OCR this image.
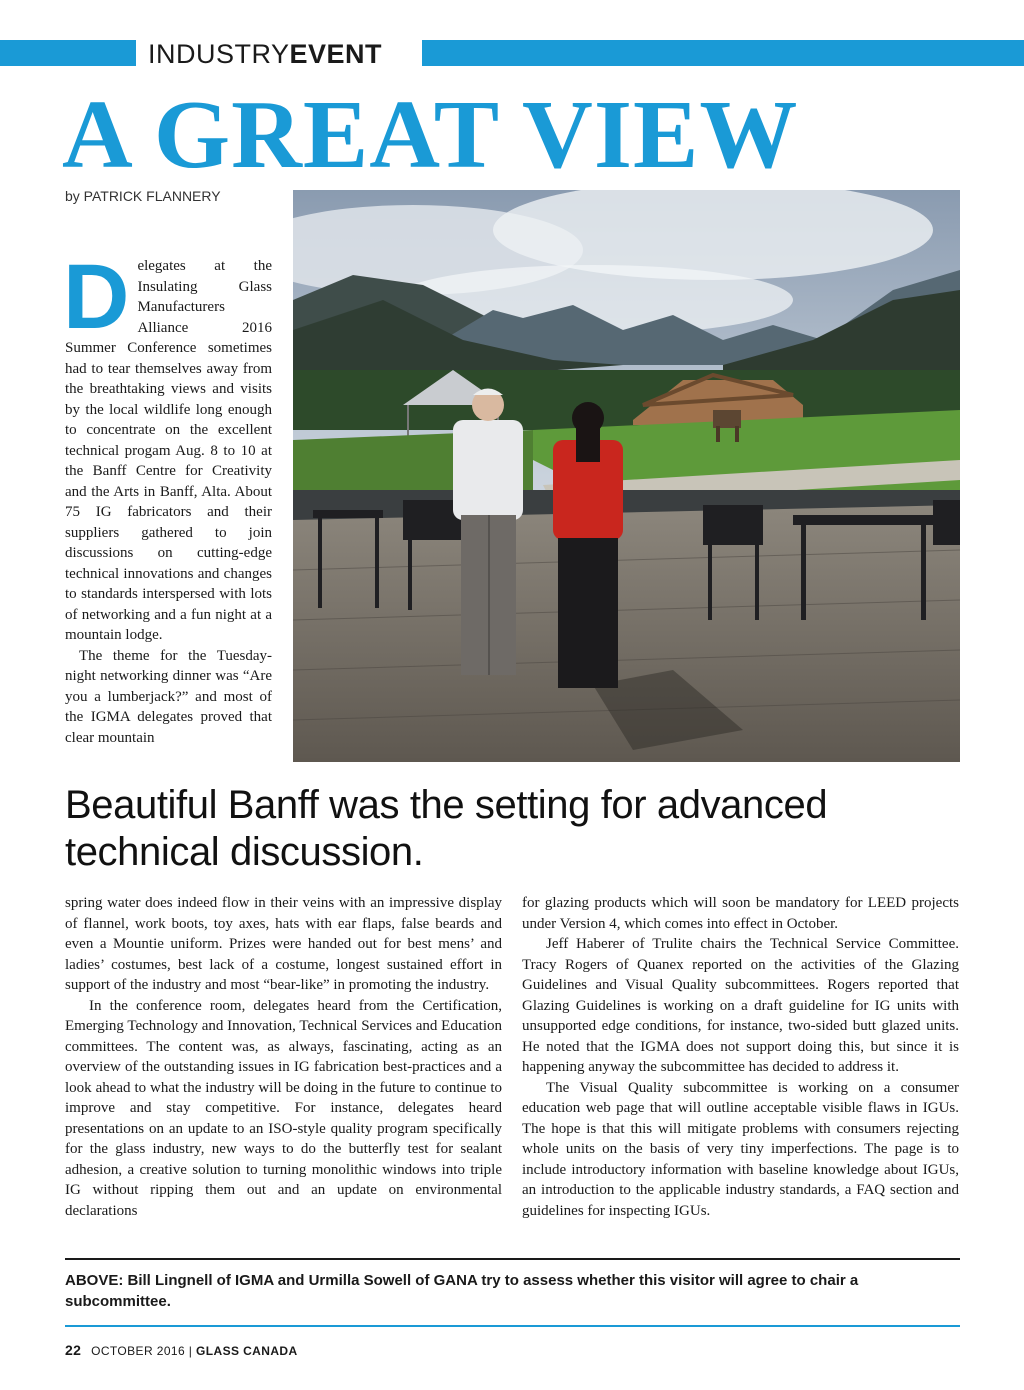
INDUSTRYEVENT
A GREAT VIEW
by PATRICK FLANNERY
D elegates at the Insulating Glass Manufacturers Alliance 2016 Summer Conference sometimes had to tear themselves away from the breathtaking views and visits by the local wildlife long enough to concentrate on the excellent technical progam Aug. 8 to 10 at the Banff Centre for Creativity and the Arts in Banff, Alta. About 75 IG fabricators and their suppliers gathered to join discussions on cutting-edge technical innovations and changes to standards interspersed with lots of networking and a fun night at a mountain lodge.

The theme for the Tuesday-night networking dinner was “Are you a lumberjack?” and most of the IGMA delegates proved that clear mountain

Beautiful Banff was the setting for advanced technical discussion.

spring water does indeed flow in their veins with an impressive display of flannel, work boots, toy axes, hats with ear flaps, false beards and even a Mountie uniform. Prizes were handed out for best mens’ and ladies’ costumes, best lack of a costume, longest sustained effort in support of the industry and most “bear-like” in promoting the industry.

In the conference room, delegates heard from the Certification, Emerging Technology and Innovation, Technical Services and Education committees. The content was, as always, fascinating, acting as an overview of the outstanding issues in IG fabrication best-practices and a look ahead to what the industry will be doing in the future to continue to improve and stay competitive. For instance, delegates heard presentations on an update to an ISO-style quality program specifically for the glass industry, new ways to do the butterfly test for sealant adhesion, a creative solution to turning monolithic windows into triple IG without ripping them out and an update on environmental declarations

for glazing products which will soon be mandatory for LEED projects under Version 4, which comes into effect in October.

Jeff Haberer of Trulite chairs the Technical Service Committee. Tracy Rogers of Quanex reported on the activities of the Glazing Guidelines and Visual Quality subcommittees. Rogers reported that Glazing Guidelines is working on a draft guideline for IG units with unsupported edge conditions, for instance, two-sided butt glazed units. He noted that the IGMA does not support doing this, but since it is happening anyway the subcommittee has decided to address it.

The Visual Quality subcommittee is working on a consumer education web page that will outline acceptable visible flaws in IGUs. The hope is that this will mitigate problems with consumers rejecting whole units on the basis of very tiny imperfections. The page is to include introductory information with baseline knowledge about IGUs, an introduction to the applicable industry standards, a FAQ section and guidelines for inspecting IGUs.

ABOVE: Bill Lingnell of IGMA and Urmilla Sowell of GANA try to assess whether this visitor will agree to chair a subcommittee.
22 OCTOBER 2016 | GLASS CANADA
